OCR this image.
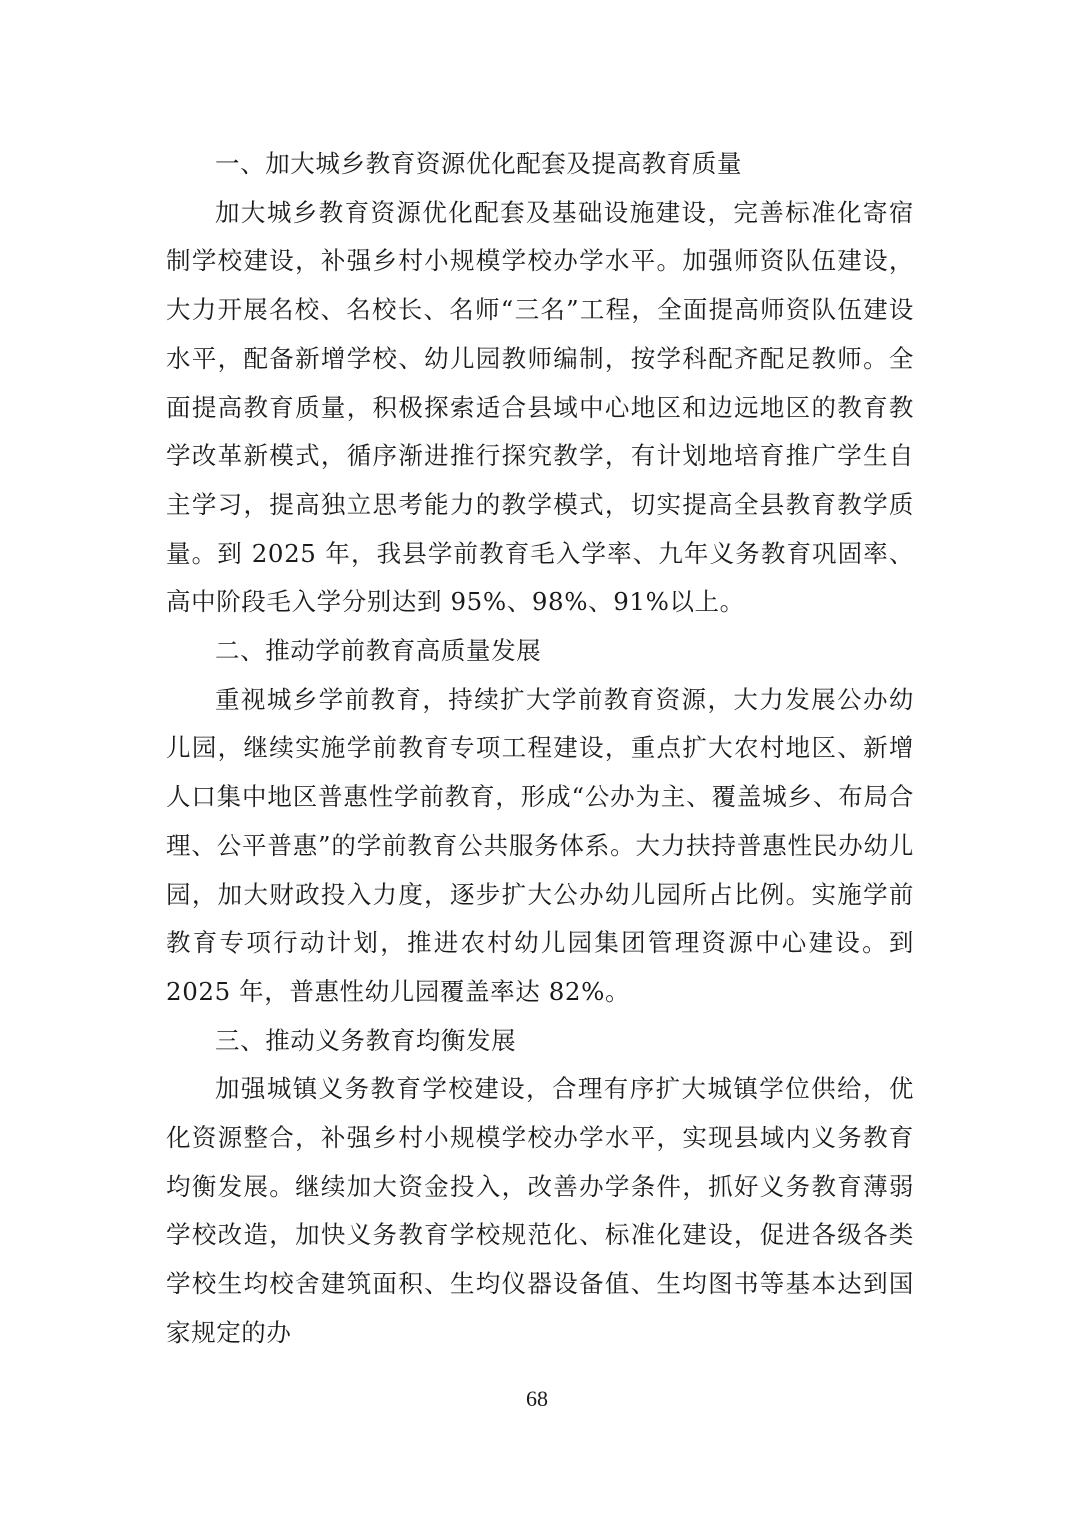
一、加大城乡教育资源优化配套及提高教育质量

加大城乡教育资源优化配套及基础设施建设，完善标准化寄宿制学校建设，补强乡村小规模学校办学水平。加强师资队伍建设，大力开展名校、名校长、名师“三名”工程，全面提高师资队伍建设水平，配备新增学校、幼儿园教师编制，按学科配齐配足教师。全面提高教育质量，积极探索适合县域中心地区和边远地区的教育教学改革新模式，循序渐进推行探究教学，有计划地培育推广学生自主学习，提高独立思考能力的教学模式，切实提高全县教育教学质量。到 2025 年，我县学前教育毛入学率、九年义务教育巩固率、高中阶段毛入学分别达到 95%、98%、91%以上。

二、推动学前教育高质量发展

重视城乡学前教育，持续扩大学前教育资源，大力发展公办幼儿园，继续实施学前教育专项工程建设，重点扩大农村地区、新增人口集中地区普惠性学前教育，形成“公办为主、覆盖城乡、布局合理、公平普惠”的学前教育公共服务体系。大力扶持普惠性民办幼儿园，加大财政投入力度，逐步扩大公办幼儿园所占比例。实施学前教育专项行动计划，推进农村幼儿园集团管理资源中心建设。到 2025 年，普惠性幼儿园覆盖率达 82%。

三、推动义务教育均衡发展

加强城镇义务教育学校建设，合理有序扩大城镇学位供给，优化资源整合，补强乡村小规模学校办学水平，实现县域内义务教育均衡发展。继续加大资金投入，改善办学条件，抓好义务教育薄弱学校改造，加快义务教育学校规范化、标准化建设，促进各级各类学校生均校舍建筑面积、生均仪器设备值、生均图书等基本达到国家规定的办

68
